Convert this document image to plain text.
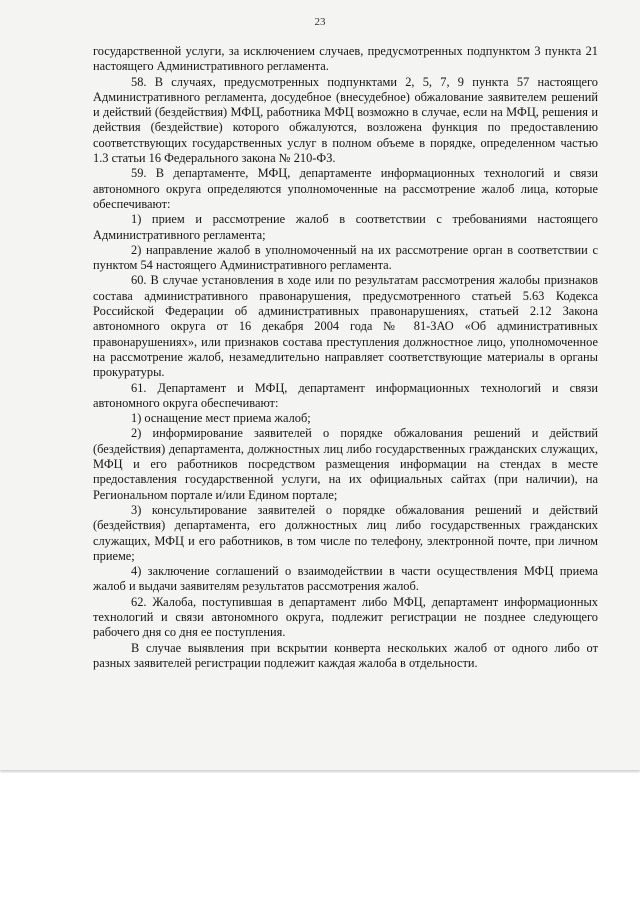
23

государственной услуги, за исключением случаев, предусмотренных подпунктом 3 пункта 21 настоящего Административного регламента.

58. В случаях, предусмотренных подпунктами 2, 5, 7, 9 пункта 57 настоящего Административного регламента, досудебное (внесудебное) обжалование заявителем решений и действий (бездействия) МФЦ, работника МФЦ возможно в случае, если на МФЦ, решения и действия (бездействие) которого обжалуются, возложена функция по предоставлению соответствующих государственных услуг в полном объеме в порядке, определенном частью 1.3 статьи 16 Федерального закона № 210-ФЗ.

59. В департаменте, МФЦ, департаменте информационных технологий и связи автономного округа определяются уполномоченные на рассмотрение жалоб лица, которые обеспечивают:

1) прием и рассмотрение жалоб в соответствии с требованиями настоящего Административного регламента;

2) направление жалоб в уполномоченный на их рассмотрение орган в соответствии с пунктом 54 настоящего Административного регламента.

60. В случае установления в ходе или по результатам рассмотрения жалобы признаков состава административного правонарушения, предусмотренного статьей 5.63 Кодекса Российской Федерации об административных правонарушениях, статьей 2.12 Закона автономного округа от 16 декабря 2004 года № 81-ЗАО «Об административных правонарушениях», или признаков состава преступления должностное лицо, уполномоченное на рассмотрение жалоб, незамедлительно направляет соответствующие материалы в органы прокуратуры.

61. Департамент и МФЦ, департамент информационных технологий и связи автономного округа обеспечивают:

1) оснащение мест приема жалоб;

2) информирование заявителей о порядке обжалования решений и действий (бездействия) департамента, должностных лиц либо государственных гражданских служащих, МФЦ и его работников посредством размещения информации на стендах в месте предоставления государственной услуги, на их официальных сайтах (при наличии), на Региональном портале и/или Едином портале;

3) консультирование заявителей о порядке обжалования решений и действий (бездействия) департамента, его должностных лиц либо государственных гражданских служащих, МФЦ и его работников, в том числе по телефону, электронной почте, при личном приеме;

4) заключение соглашений о взаимодействии в части осуществления МФЦ приема жалоб и выдачи заявителям результатов рассмотрения жалоб.

62. Жалоба, поступившая в департамент либо МФЦ, департамент информационных технологий и связи автономного округа, подлежит регистрации не позднее следующего рабочего дня со дня ее поступления.

В случае выявления при вскрытии конверта нескольких жалоб от одного либо от разных заявителей регистрации подлежит каждая жалоба в отдельности.
